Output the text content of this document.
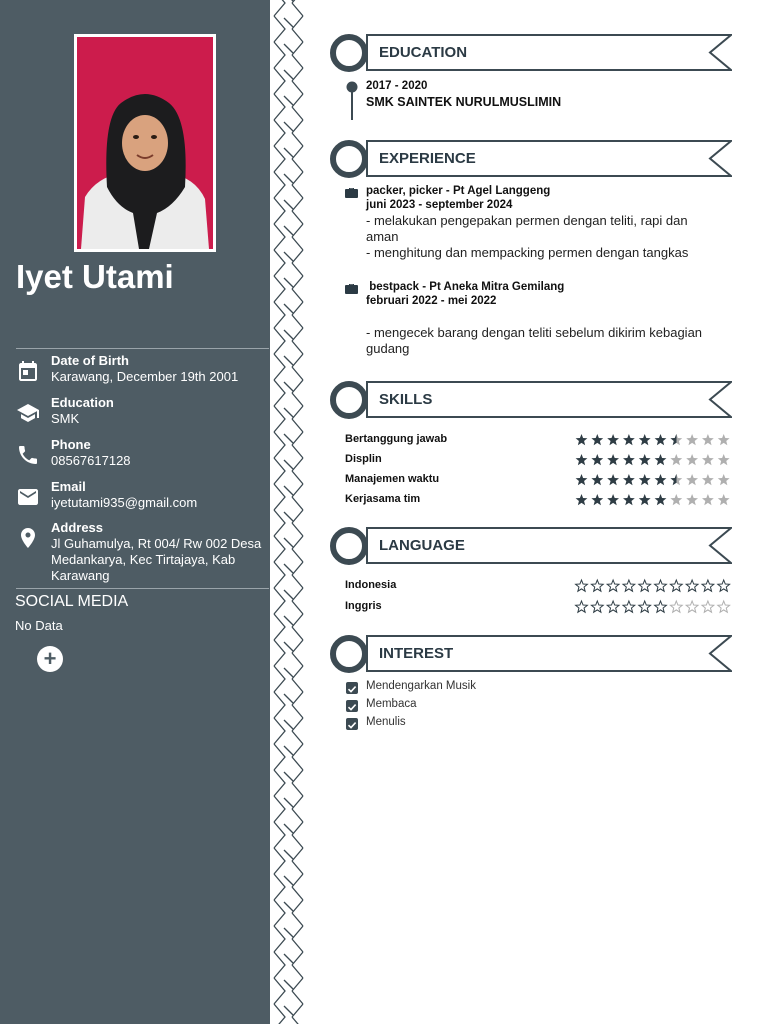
Iyet Utami
Date of Birth
Karawang, December 19th 2001
Education
SMK
Phone
08567617128
Email
iyetutami935@gmail.com
Address
Jl Guhamulya, Rt 004/ Rw 002 Desa Medankarya, Kec Tirtajaya, Kab Karawang
SOCIAL MEDIA
No Data
+
EDUCATION
2017 - 2020
SMK SAINTEK NURULMUSLIMIN
EXPERIENCE
packer, picker - Pt Agel Langgeng
juni 2023 - september 2024
- melakukan pengepakan permen dengan teliti, rapi dan aman
- menghitung dan mempacking permen dengan tangkas
bestpack - Pt Aneka Mitra Gemilang
februari 2022 - mei 2022
- mengecek barang dengan teliti sebelum dikirim kebagian gudang
SKILLS
Bertanggung jawab
Displin
Manajemen waktu
Kerjasama tim
LANGUAGE
Indonesia
Inggris
INTEREST
Mendengarkan Musik
Membaca
Menulis
